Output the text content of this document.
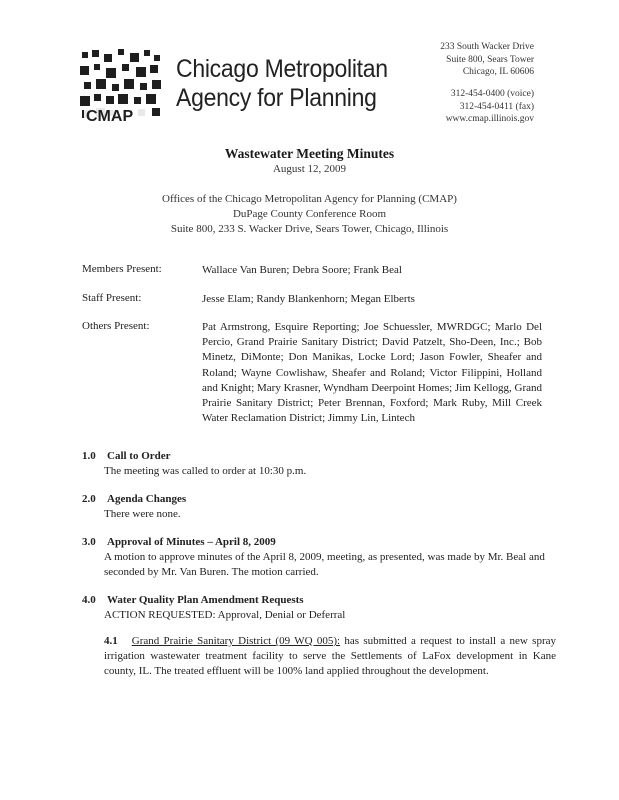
CMAP
Chicago Metropolitan
Agency for Planning
233 South Wacker Drive
Suite 800, Sears Tower
Chicago, IL 60606
312-454-0400 (voice)
312-454-0411 (fax)
www.cmap.illinois.gov
Wastewater Meeting Minutes
August 12, 2009
Offices of the Chicago Metropolitan Agency for Planning (CMAP)
DuPage County Conference Room
Suite 800, 233 S. Wacker Drive, Sears Tower, Chicago, Illinois
Members Present:	Wallace Van Buren; Debra Soore; Frank Beal
Staff Present:	Jesse Elam; Randy Blankenhorn; Megan Elberts
Others Present:	Pat Armstrong, Esquire Reporting; Joe Schuessler, MWRDGC; Marlo Del Percio, Grand Prairie Sanitary District; David Patzelt, Sho-Deen, Inc.; Bob Minetz, DiMonte; Don Manikas, Locke Lord; Jason Fowler, Sheafer and Roland; Wayne Cowlishaw, Sheafer and Roland; Victor Filippini, Holland and Knight; Mary Krasner, Wyndham Deerpoint Homes; Jim Kellogg, Grand Prairie Sanitary District; Peter Brennan, Foxford; Mark Ruby, Mill Creek Water Reclamation District; Jimmy Lin, Lintech
1.0 Call to Order
The meeting was called to order at 10:30 p.m.
2.0 Agenda Changes
There were none.
3.0 Approval of Minutes – April 8, 2009
A motion to approve minutes of the April 8, 2009, meeting, as presented, was made by Mr. Beal and seconded by Mr. Van Buren. The motion carried.
4.0 Water Quality Plan Amendment Requests
ACTION REQUESTED: Approval, Denial or Deferral
4.1 Grand Prairie Sanitary District (09 WQ 005): has submitted a request to install a new spray irrigation wastewater treatment facility to serve the Settlements of LaFox development in Kane county, IL. The treated effluent will be 100% land applied throughout the development.
